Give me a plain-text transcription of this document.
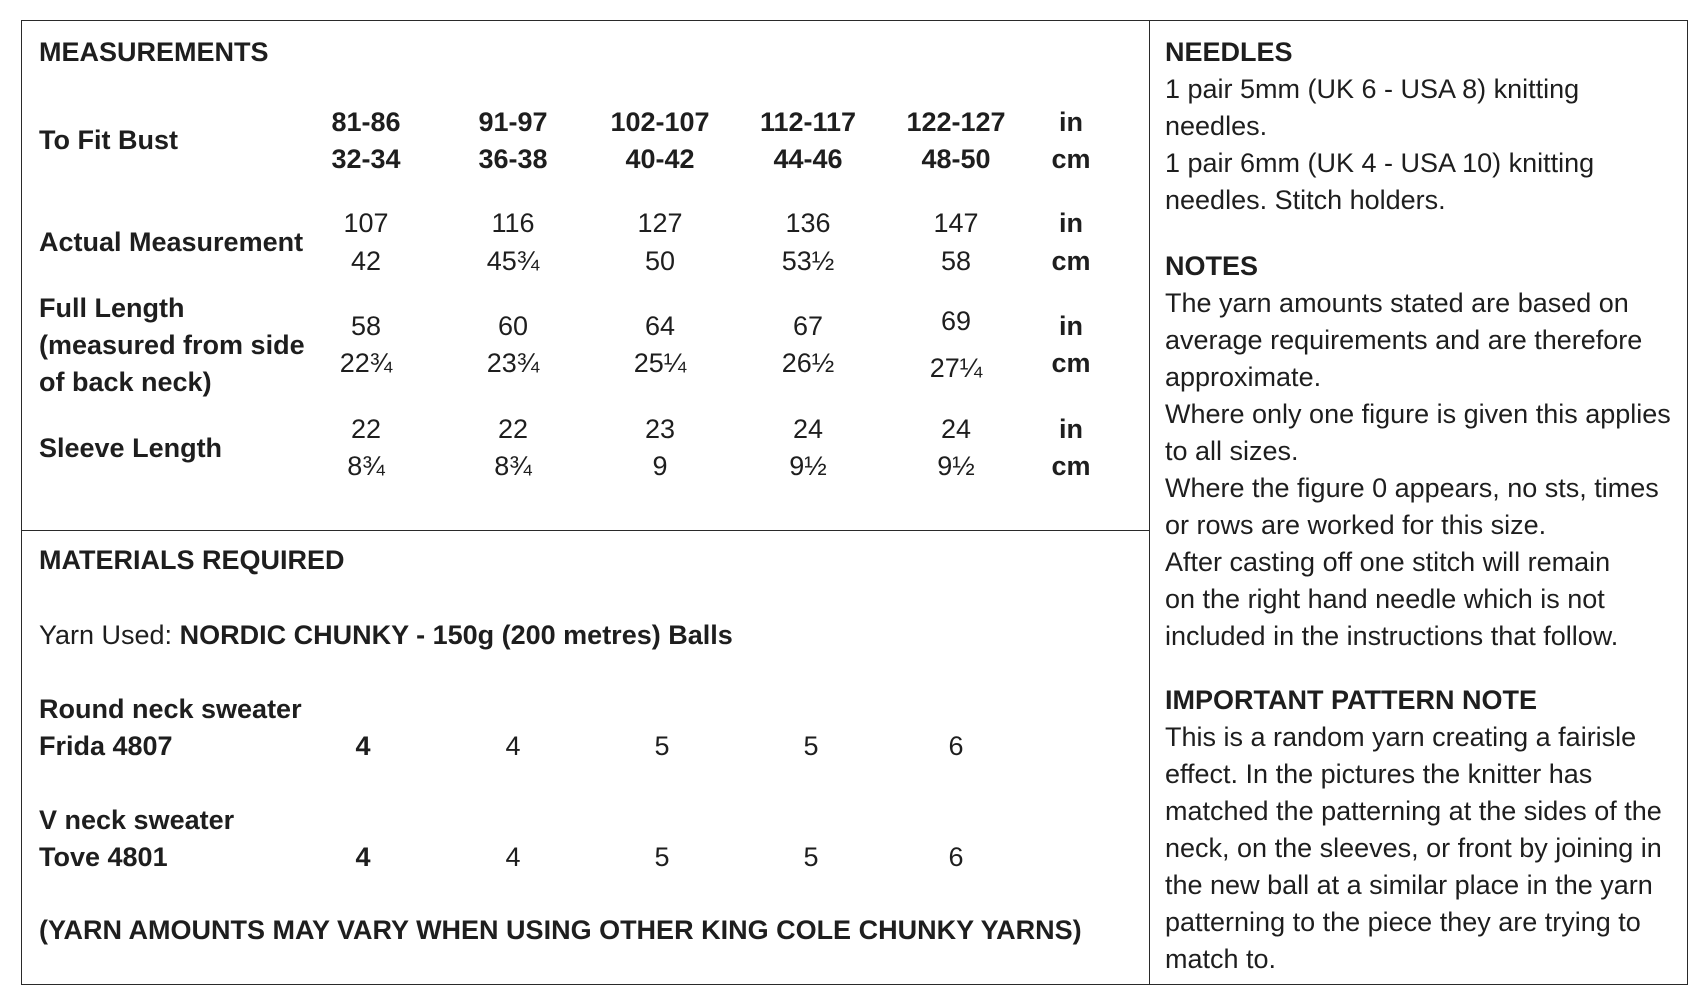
MEASUREMENTS
To Fit Bust
81-86	91-97	102-107	112-117	122-127
32-34	36-38	40-42	44-46	48-50
in
cm
Actual Measurement
107	116	127	136	147
42	45¾	50	53½	58
in
cm
Full Length
(measured from side
of back neck)
58	60	64	67	69
22¾	23¾	25¼	26½	27¼
in
cm
Sleeve Length
22	22	23	24	24
8¾	8¾	9	9½	9½
in
cm
MATERIALS REQUIRED
Yarn Used: NORDIC CHUNKY - 150g (200 metres) Balls
Round neck sweater
Frida 4807	4	4	5	5	6
V neck sweater
Tove 4801	4	4	5	5	6
(YARN AMOUNTS MAY VARY WHEN USING OTHER KING COLE CHUNKY YARNS)
NEEDLES
1 pair 5mm (UK 6 - USA 8) knitting
needles.
1 pair 6mm (UK 4 - USA 10) knitting
needles. Stitch holders.
NOTES
The yarn amounts stated are based on
average requirements and are therefore
approximate.
Where only one figure is given this applies
to all sizes.
Where the figure 0 appears, no sts, times
or rows are worked for this size.
After casting off one stitch will remain
on the right hand needle which is not
included in the instructions that follow.
IMPORTANT PATTERN NOTE
This is a random yarn creating a fairisle
effect. In the pictures the knitter has
matched the patterning at the sides of the
neck, on the sleeves, or front by joining in
the new ball at a similar place in the yarn
patterning to the piece they are trying to
match to.
